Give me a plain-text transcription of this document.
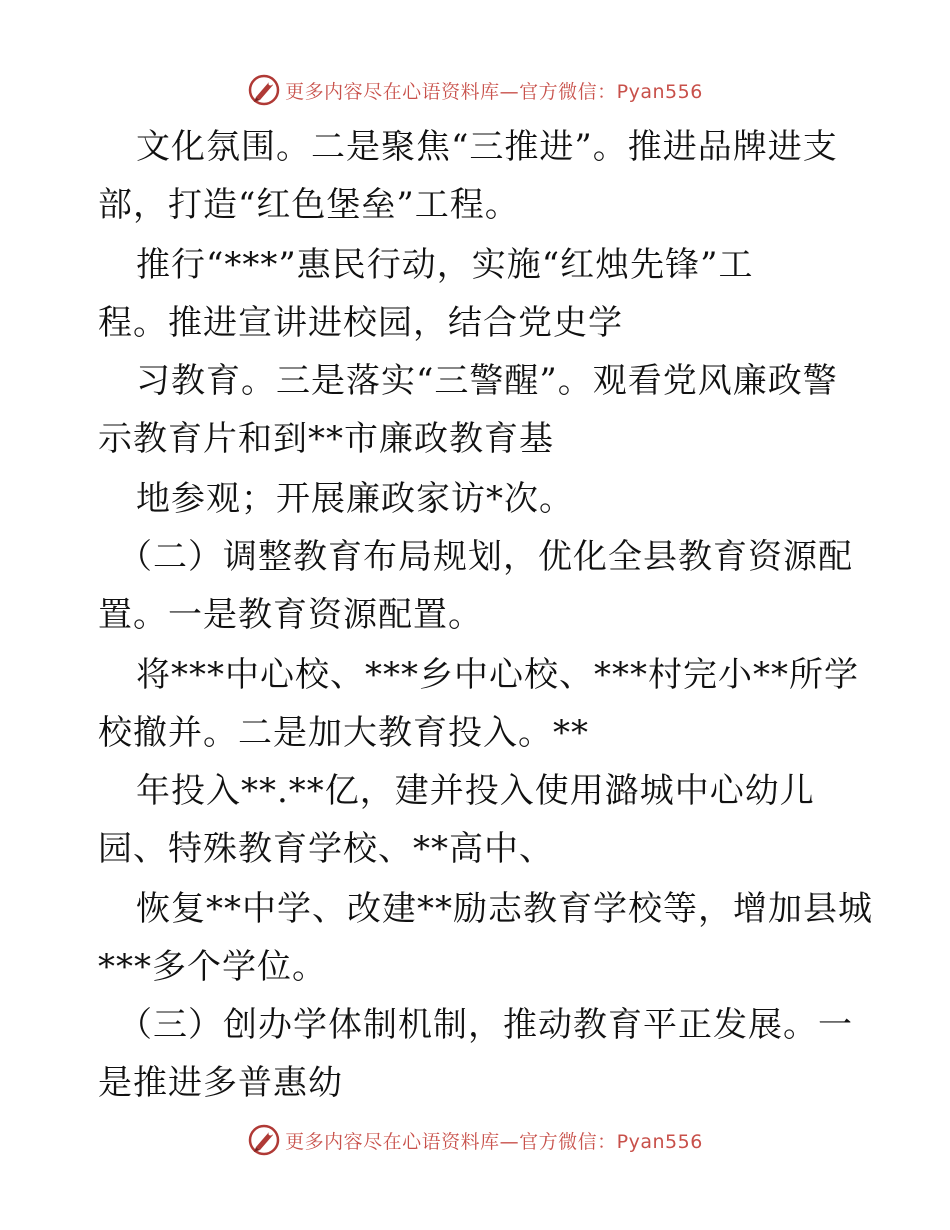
更多内容尽在心语资料库—官方微信：Pyan556
文化氛围。二是聚焦“三推进”。推进品牌进支
部，打造“红色堡垒”工程。
推行“***”惠民行动，实施“红烛先锋”工
程。推进宣讲进校园，结合党史学
习教育。三是落实“三警醒”。观看党风廉政警
示教育片和到**市廉政教育基
地参观；开展廉政家访*次。
（二）调整教育布局规划，优化全县教育资源配
置。一是教育资源配置。
将***中心校、***乡中心校、***村完小**所学
校撤并。二是加大教育投入。**
年投入**.**亿，建并投入使用潞城中心幼儿
园、特殊教育学校、**高中、
恢复**中学、改建**励志教育学校等，增加县城
***多个学位。
（三）创办学体制机制，推动教育平正发展。一
是推进多普惠幼
更多内容尽在心语资料库—官方微信：Pyan556
